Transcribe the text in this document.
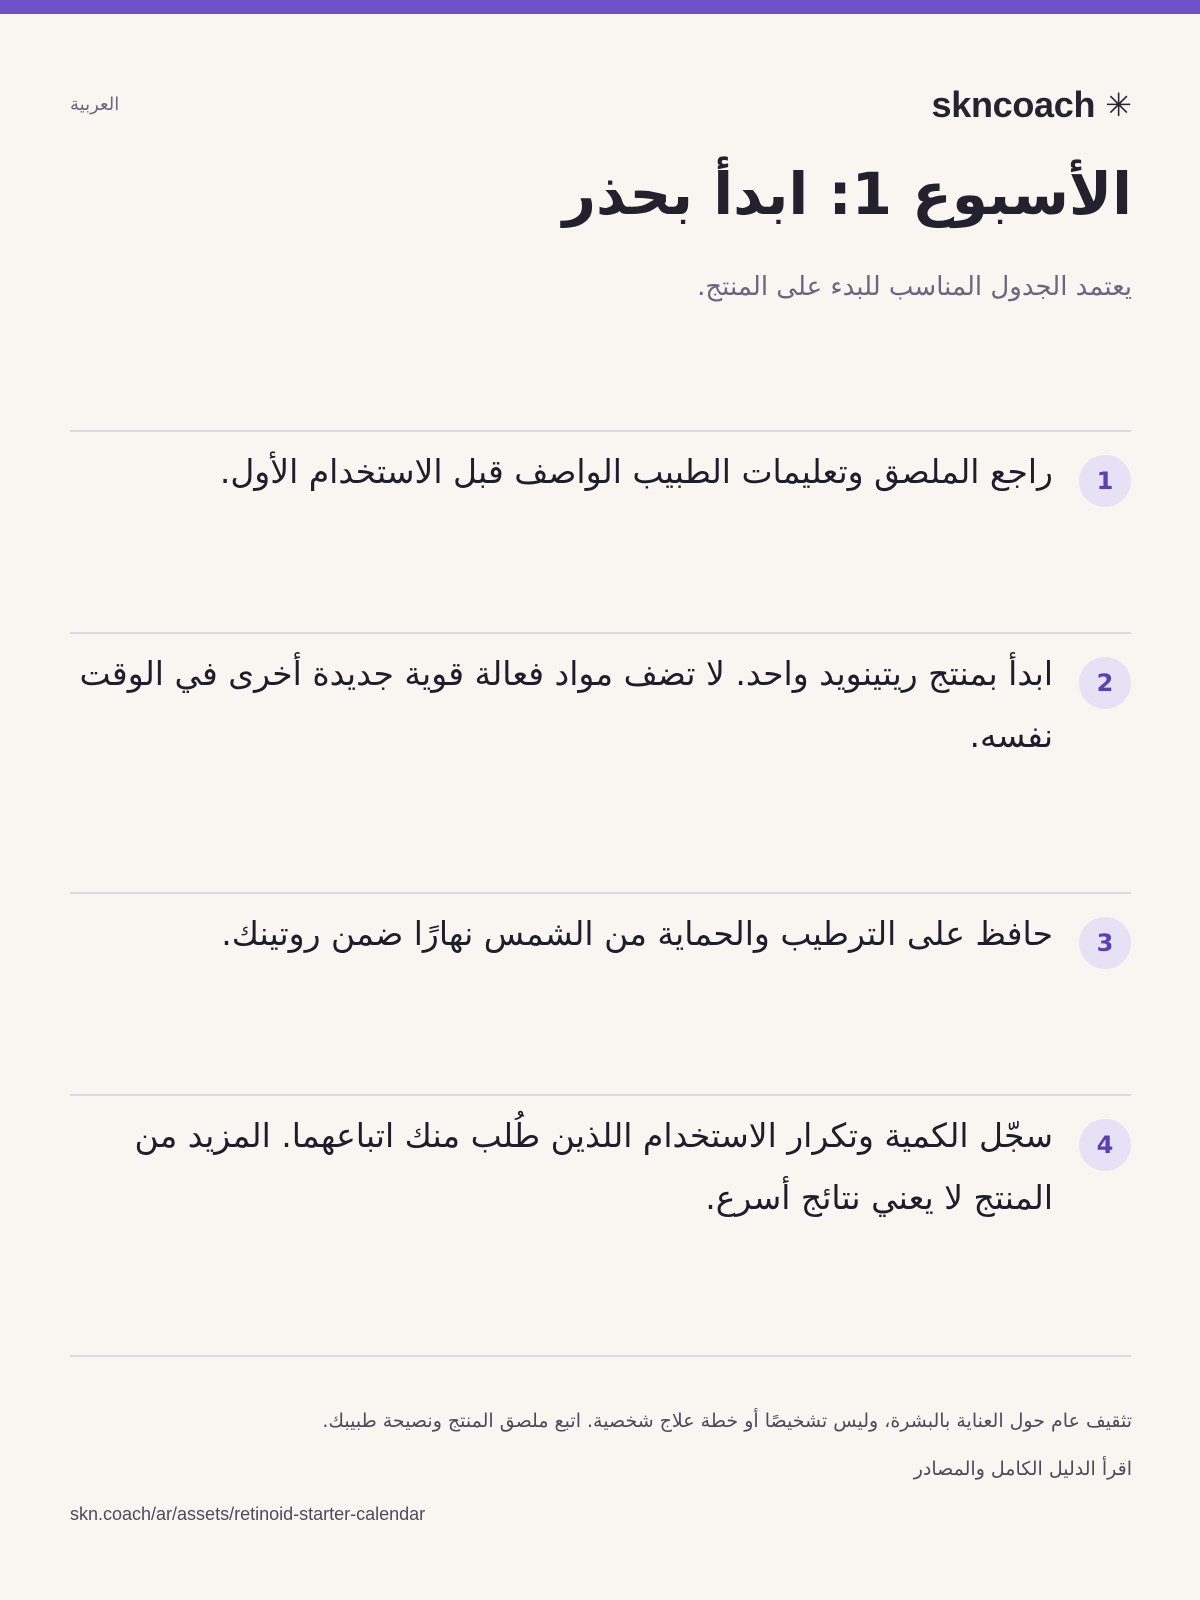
skncoach ✳
العربية
الأسبوع 1: ابدأ بحذر

يعتمد الجدول المناسب للبدء على المنتج.

1

راجع الملصق وتعليمات الطبيب الواصف قبل الاستخدام الأول.

2

ابدأ بمنتج ريتينويد واحد. لا تضف مواد فعالة قوية جديدة أخرى في الوقت نفسه.

3

حافظ على الترطيب والحماية من الشمس نهارًا ضمن روتينك.

4

سجّل الكمية وتكرار الاستخدام اللذين طُلب منك اتباعهما. المزيد من المنتج لا يعني نتائج أسرع.

تثقيف عام حول العناية بالبشرة، وليس تشخيصًا أو خطة علاج شخصية. اتبع ملصق المنتج ونصيحة طبيبك.

اقرأ الدليل الكامل والمصادر

skn.coach/ar/assets/retinoid-starter-calendar
